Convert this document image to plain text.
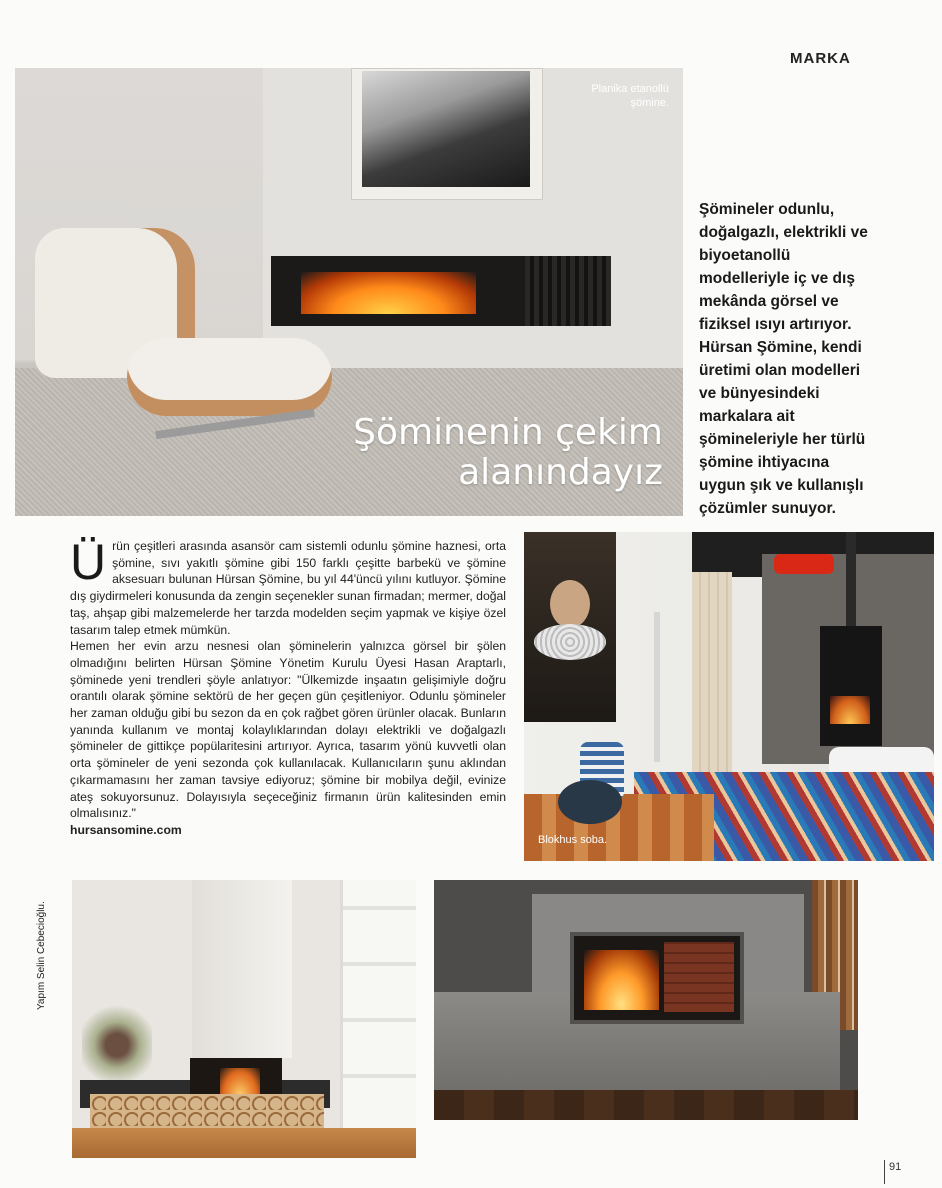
MARKA
Planika etanollü
şömine.
Şöminenin çekim
alanındayız
Şömineler odunlu, doğalgazlı, elektrikli ve biyoetanollü modelleriyle iç ve dış mekânda görsel ve fiziksel ısıyı artırıyor. Hürsan Şömine, kendi üretimi olan modelleri ve bünyesindeki markalara ait şömineleriyle her türlü şömine ihtiyacına uygun şık ve kullanışlı çözümler sunuyor.
Ü rün çeşitleri arasında asansör cam sistemli odunlu şömine haznesi, orta şömine, sıvı yakıtlı şömine gibi 150 farklı çeşitte barbekü ve şömine aksesuarı bulunan Hürsan Şömine, bu yıl 44'üncü yılını kutluyor. Şömine dış giydirmeleri konusunda da zengin seçenekler sunan firmadan; mermer, doğal taş, ahşap gibi malzemelerde her tarzda modelden seçim yapmak ve kişiye özel tasarım talep etmek mümkün.

Hemen her evin arzu nesnesi olan şöminelerin yalnızca görsel bir şölen olmadığını belirten Hürsan Şömine Yönetim Kurulu Üyesi Hasan Araptarlı, şöminede yeni trendleri şöyle anlatıyor: "Ülkemizde inşaatın gelişimiyle doğru orantılı olarak şömine sektörü de her geçen gün çeşitleniyor. Odunlu şömineler her zaman olduğu gibi bu sezon da en çok rağbet gören ürünler olacak. Bunların yanında kullanım ve montaj kolaylıklarından dolayı elektrikli ve doğalgazlı şömineler de gittikçe popülaritesini artırıyor. Ayrıca, tasarım yönü kuvvetli olan orta şömineler de yeni sezonda çok kullanılacak. Kullanıcıların şunu aklından çıkarmamasını her zaman tavsiye ediyoruz; şömine bir mobilya değil, evinize ateş sokuyorsunuz. Dolayısıyla seçeceğiniz firmanın ürün kalitesinden emin olmalısınız."

hursansomine.com

Blokhus soba.
Yapım Selin Cebecioğlu.
91
